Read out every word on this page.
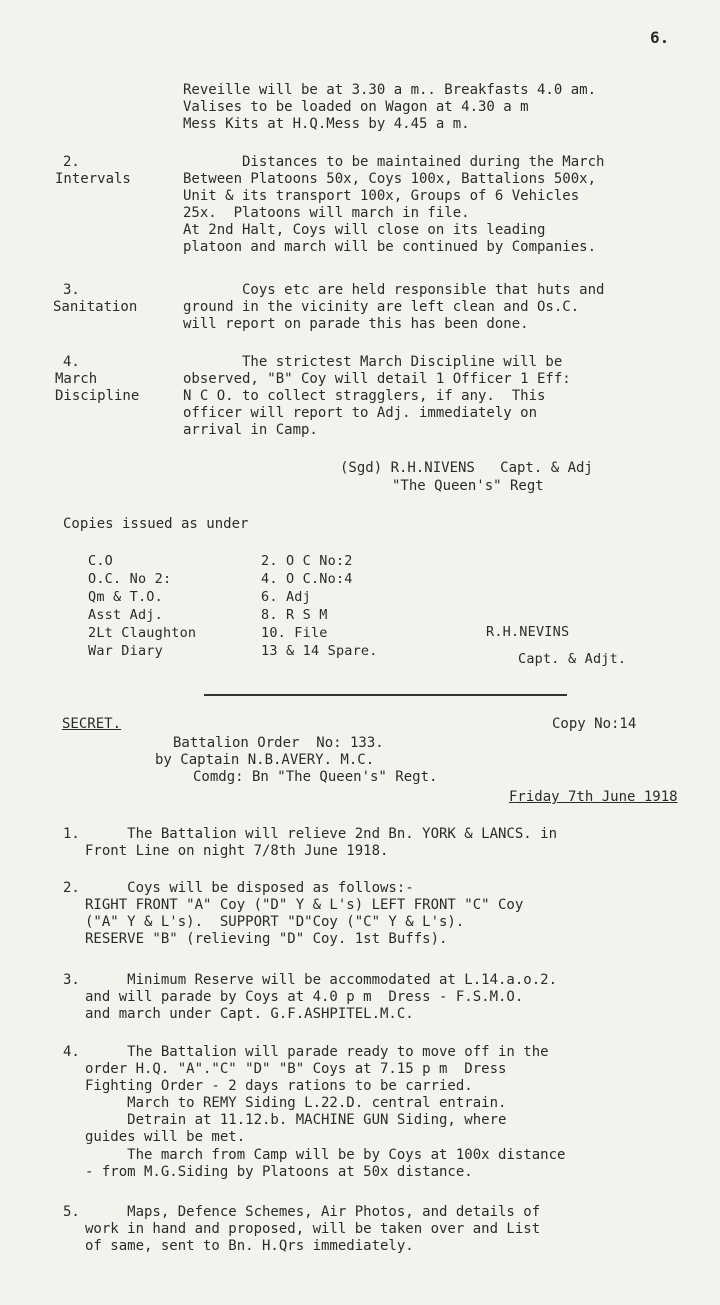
6.
Reveille will be at 3.30 a m.. Breakfasts 4.0 am.
Valises to be loaded on Wagon at 4.30 a m
Mess Kits at H.Q.Mess by 4.45 a m.
2.
Intervals
Distances to be maintained during the March
Between Platoons 50x, Coys 100x, Battalions 500x,
Unit & its transport 100x, Groups of 6 Vehicles
25x.  Platoons will march in file.
At 2nd Halt, Coys will close on its leading
platoon and march will be continued by Companies.
3.
Sanitation
Coys etc are held responsible that huts and
ground in the vicinity are left clean and Os.C.
will report on parade this has been done.
4.
March
Discipline
The strictest March Discipline will be
observed, "B" Coy will detail 1 Officer 1 Eff:
N C O. to collect stragglers, if any.  This
officer will report to Adj. immediately on
arrival in Camp.
(Sgd) R.H.NIVENS   Capt. & Adj
"The Queen's" Regt
Copies issued as under
C.O
O.C. No 2:
Qm & T.O.
Asst Adj.
2Lt Claughton
War Diary
2. O C No:2
4. O C.No:4
6. Adj
8. R S M
10. File
13 & 14 Spare.
R.H.NEVINS
Capt. & Adjt.
SECRET.	Copy No:14
Battalion Order  No: 133.
by Captain N.B.AVERY. M.C.
Comdg: Bn "The Queen's" Regt.
Friday 7th June 1918
1. The Battalion will relieve 2nd Bn. YORK & LANCS. in
Front Line on night 7/8th June 1918.
2. Coys will be disposed as follows:-
RIGHT FRONT "A" Coy ("D" Y & L's) LEFT FRONT "C" Coy
("A" Y & L's).  SUPPORT "D"Coy ("C" Y & L's).
RESERVE "B" (relieving "D" Coy. 1st Buffs).
3. Minimum Reserve will be accommodated at L.14.a.o.2.
and will parade by Coys at 4.0 p m  Dress - F.S.M.O.
and march under Capt. G.F.ASHPITEL.M.C.
4. The Battalion will parade ready to move off in the
order H.Q. "A"."C" "D" "B" Coys at 7.15 p m  Dress
Fighting Order - 2 days rations to be carried.
March to REMY Siding L.22.D. central entrain.
Detrain at 11.12.b. MACHINE GUN Siding, where
guides will be met.
The march from Camp will be by Coys at 100x distance
- from M.G.Siding by Platoons at 50x distance.
5. Maps, Defence Schemes, Air Photos, and details of
work in hand and proposed, will be taken over and List
of same, sent to Bn. H.Qrs immediately.
